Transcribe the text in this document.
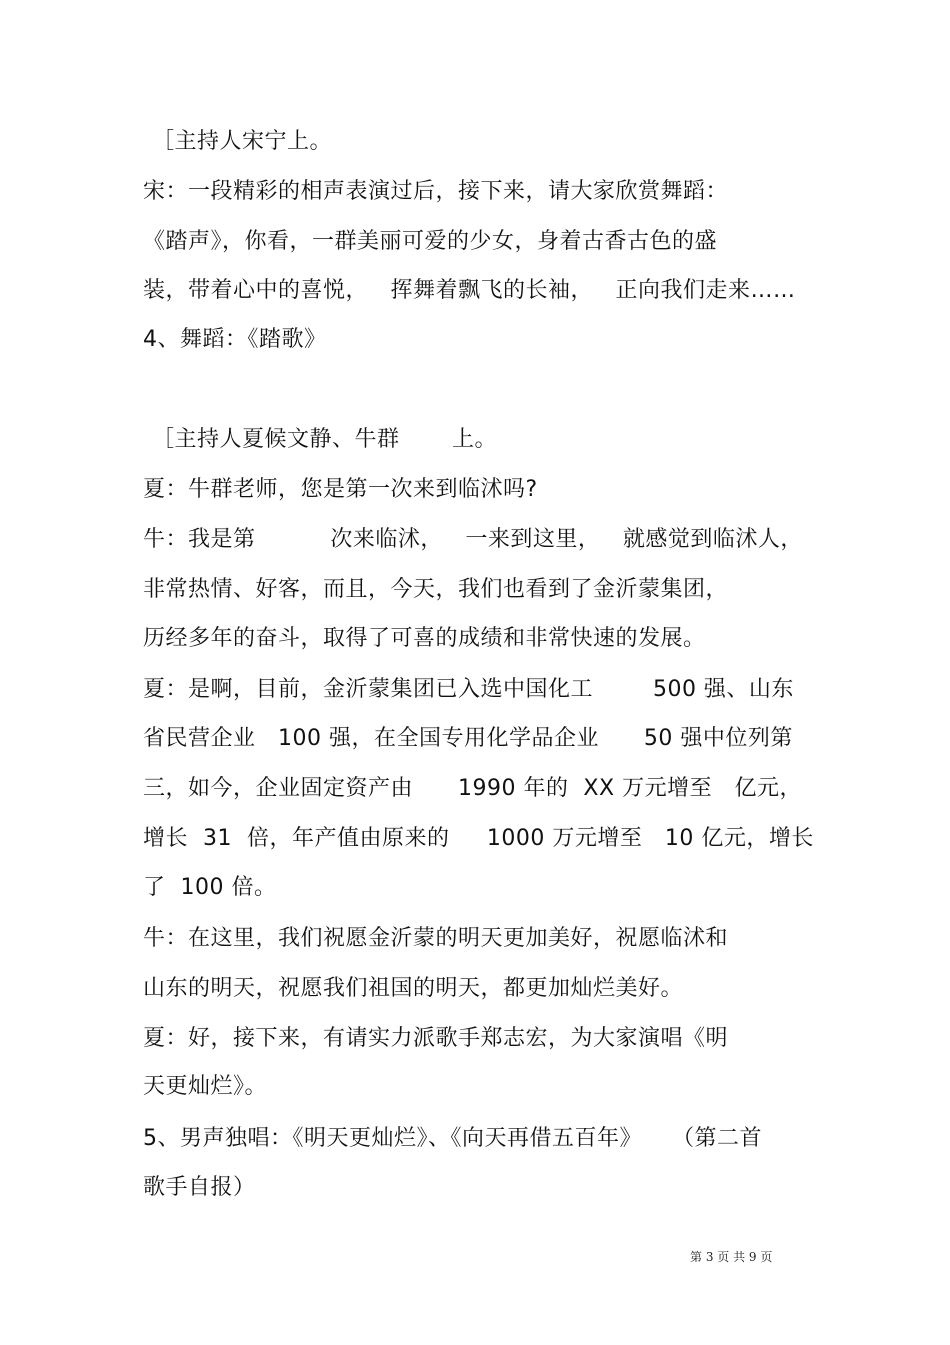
［主持人宋宁上。
宋：一段精彩的相声表演过后，接下来，请大家欣赏舞蹈：
《踏声》，你看，一群美丽可爱的少女，身着古香古色的盛
装，带着心中的喜悦，   挥舞着飘飞的长袖，   正向我们走来……
4、舞蹈：《踏歌》
［主持人夏候文静、牛群       上。
夏：牛群老师，您是第一次来到临沭吗?
牛：我是第          次来临沭，   一来到这里，   就感觉到临沭人，
非常热情、好客，而且，今天，我们也看到了金沂蒙集团，
历经多年的奋斗，取得了可喜的成绩和非常快速的发展。
夏：是啊，目前，金沂蒙集团已入选中国化工        500 强、山东
省民营企业   100 强，在全国专用化学品企业      50 强中位列第
三，如今，企业固定资产由      1990 年的  XX 万元增至   亿元，
增长  31  倍，年产值由原来的     1000 万元增至   10 亿元，增长
了  100 倍。
牛：在这里，我们祝愿金沂蒙的明天更加美好，祝愿临沭和
山东的明天，祝愿我们祖国的明天，都更加灿烂美好。
夏：好，接下来，有请实力派歌手郑志宏，为大家演唱《明
天更灿烂》。
5、男声独唱：《明天更灿烂》、《向天再借五百年》    （第二首
歌手自报）
第 3 页 共 9 页
